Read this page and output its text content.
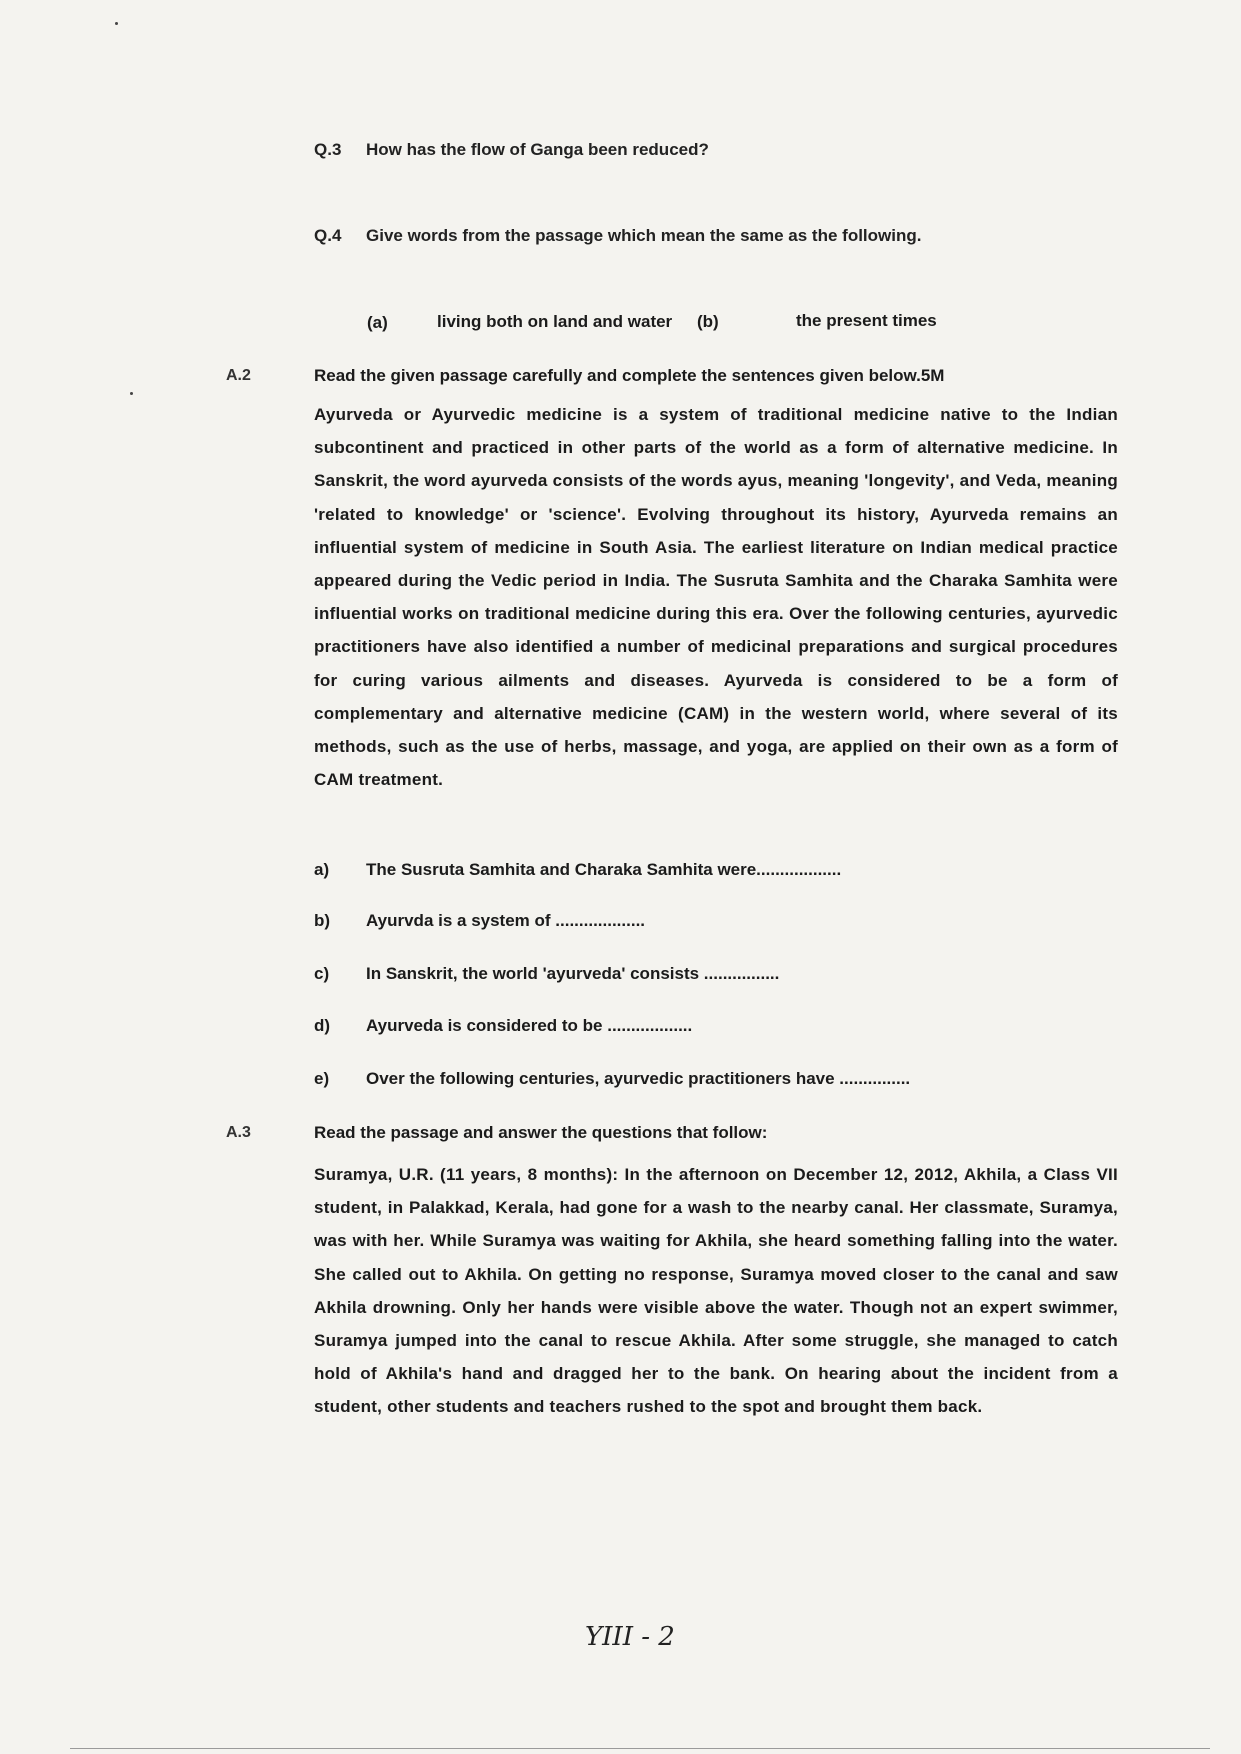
Q.3 How has the flow of Ganga been reduced?
Q.4 Give words from the passage which mean the same as the following.
(a)	living both on land and water (b)	the present times
A.2	Read the given passage carefully and complete the sentences given below.5M
Ayurveda or Ayurvedic medicine is a system of traditional medicine native to the Indian subcontinent and practiced in other parts of the world as a form of alternative medicine. In Sanskrit, the word ayurveda consists of the words ayus, meaning 'longevity', and Veda, meaning 'related to knowledge' or 'science'. Evolving throughout its history, Ayurveda remains an influential system of medicine in South Asia. The earliest literature on Indian medical practice appeared during the Vedic period in India. The Susruta Samhita and the Charaka Samhita were influential works on traditional medicine during this era. Over the following centuries, ayurvedic practitioners have also identified a number of medicinal preparations and surgical procedures for curing various ailments and diseases. Ayurveda is considered to be a form of complementary and alternative medicine (CAM) in the western world, where several of its methods, such as the use of herbs, massage, and yoga, are applied on their own as a form of CAM treatment.
a) The Susruta Samhita and Charaka Samhita were..................
b) Ayurvda is a system of ...................
c) In Sanskrit, the world 'ayurveda' consists ................
d) Ayurveda is considered to be ..................
e) Over the following centuries, ayurvedic practitioners have ...............
A.3	Read the passage and answer the questions that follow:
Suramya, U.R. (11 years, 8 months): In the afternoon on December 12, 2012, Akhila, a Class VII student, in Palakkad, Kerala, had gone for a wash to the nearby canal. Her classmate, Suramya, was with her. While Suramya was waiting for Akhila, she heard something falling into the water. She called out to Akhila. On getting no response, Suramya moved closer to the canal and saw Akhila drowning. Only her hands were visible above the water. Though not an expert swimmer, Suramya jumped into the canal to rescue Akhila. After some struggle, she managed to catch hold of Akhila's hand and dragged her to the bank. On hearing about the incident from a student, other students and teachers rushed to the spot and brought them back.
YIII - 2
